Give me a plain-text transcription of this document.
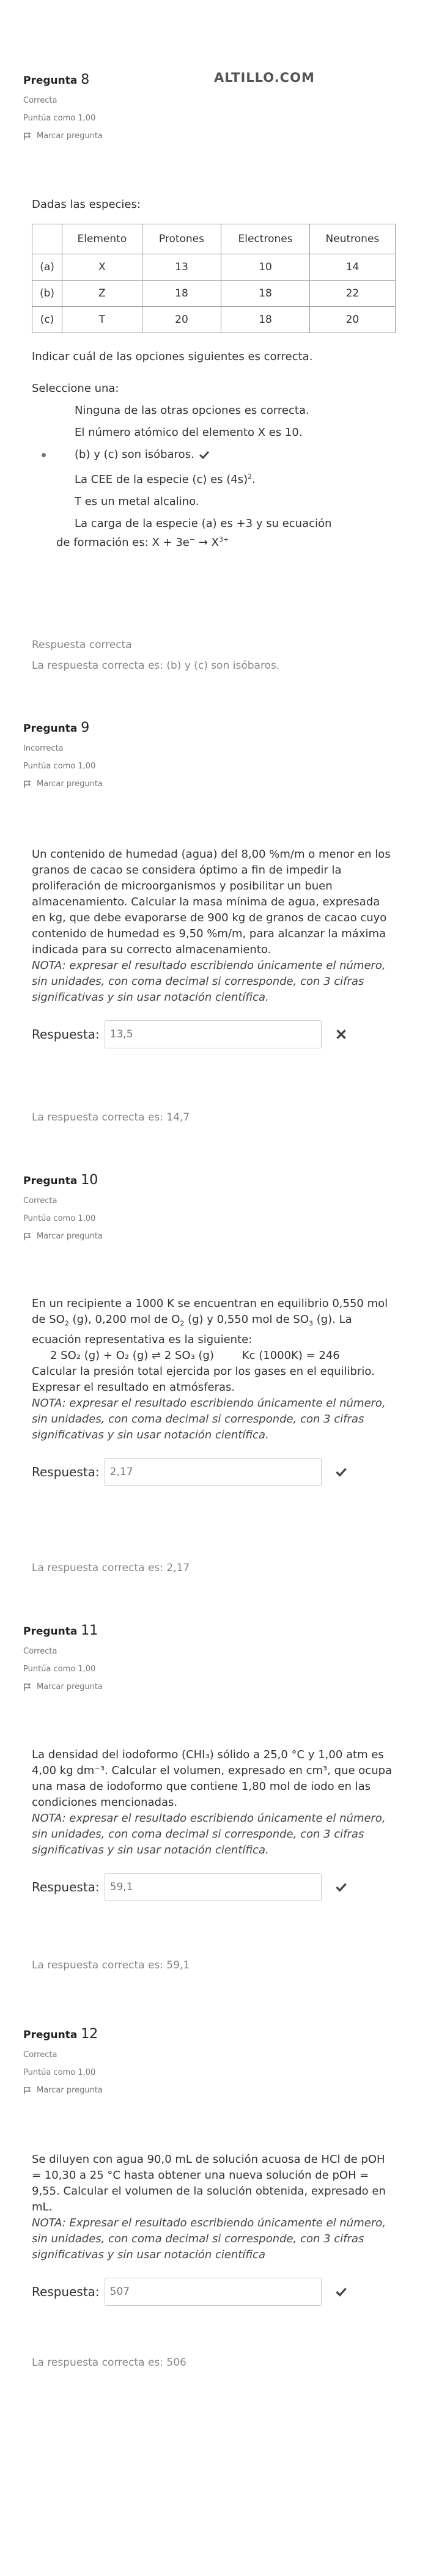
ALTILLO.COM
Pregunta 8
Correcta
Puntúa como 1,00
Marcar pregunta

Dadas las especies:

	Elemento	Protones	Electrones	Neutrones
(a)	X	13	10	14
(b)	Z	18	18	22
(c)	T	20	18	20

Indicar cuál de las opciones siguientes es correcta.

Seleccione una:

Ninguna de las otras opciones es correcta.
El número atómico del elemento X es 10.
(b) y (c) son isóbaros.
La CEE de la especie (c) es $(4s)^2$.
T es un metal alcalino.
La carga de la especie (a) es +3 y su ecuación
de formación es: $X + 3e^- \to X^{3+}$
Respuesta correcta
La respuesta correcta es: (b) y (c) son isóbaros.
Pregunta 9
Incorrecta
Puntúa como 1,00
Marcar pregunta

Un contenido de humedad (agua) del 8,00 %m/m o menor en los granos de cacao se considera óptimo a fin de impedir la proliferación de microorganismos y posibilitar un buen almacenamiento. Calcular la masa mínima de agua, expresada en kg, que debe evaporarse de 900 kg de granos de cacao cuyo contenido de humedad es 9,50 %m/m, para alcanzar la máxima indicada para su correcto almacenamiento.

NOTA: expresar el resultado escribiendo únicamente el número, sin unidades, con coma decimal si corresponde, con 3 cifras significativas y sin usar notación científica.

Respuesta:	13,5
La respuesta correcta es: 14,7
Pregunta 10
Correcta
Puntúa como 1,00
Marcar pregunta

En un recipiente a 1000 K se encuentran en equilibrio 0,550 mol de $SO_2$ (g), 0,200 mol de $O_2$ (g) y 0,550 mol de $SO_3$ (g). La ecuación representativa es la siguiente:

2 SO₂ (g) + O₂ (g) ⇌ 2 SO₃ (g)	Kc (1000K) = 246

Calcular la presión total ejercida por los gases en el equilibrio. Expresar el resultado en atmósferas.

NOTA: expresar el resultado escribiendo únicamente el número, sin unidades, con coma decimal si corresponde, con 3 cifras significativas y sin usar notación científica.

Respuesta:	2,17
La respuesta correcta es: 2,17
Pregunta 11
Correcta
Puntúa como 1,00
Marcar pregunta

La densidad del iodoformo (CHI₃) sólido a 25,0 °C y 1,00 atm es 4,00 kg dm⁻³. Calcular el volumen, expresado en cm³, que ocupa una masa de iodoformo que contiene 1,80 mol de iodo en las condiciones mencionadas.

NOTA: expresar el resultado escribiendo únicamente el número, sin unidades, con coma decimal si corresponde, con 3 cifras significativas y sin usar notación científica.

Respuesta:	59,1
La respuesta correcta es: 59,1
Pregunta 12
Correcta
Puntúa como 1,00
Marcar pregunta

Se diluyen con agua 90,0 mL de solución acuosa de HCl de pOH = 10,30 a 25 °C hasta obtener una nueva solución de pOH = 9,55. Calcular el volumen de la solución obtenida, expresado en mL.

NOTA: Expresar el resultado escribiendo únicamente el número, sin unidades, con coma decimal si corresponde, con 3 cifras significativas y sin usar notación científica

Respuesta:	507
La respuesta correcta es: 506
